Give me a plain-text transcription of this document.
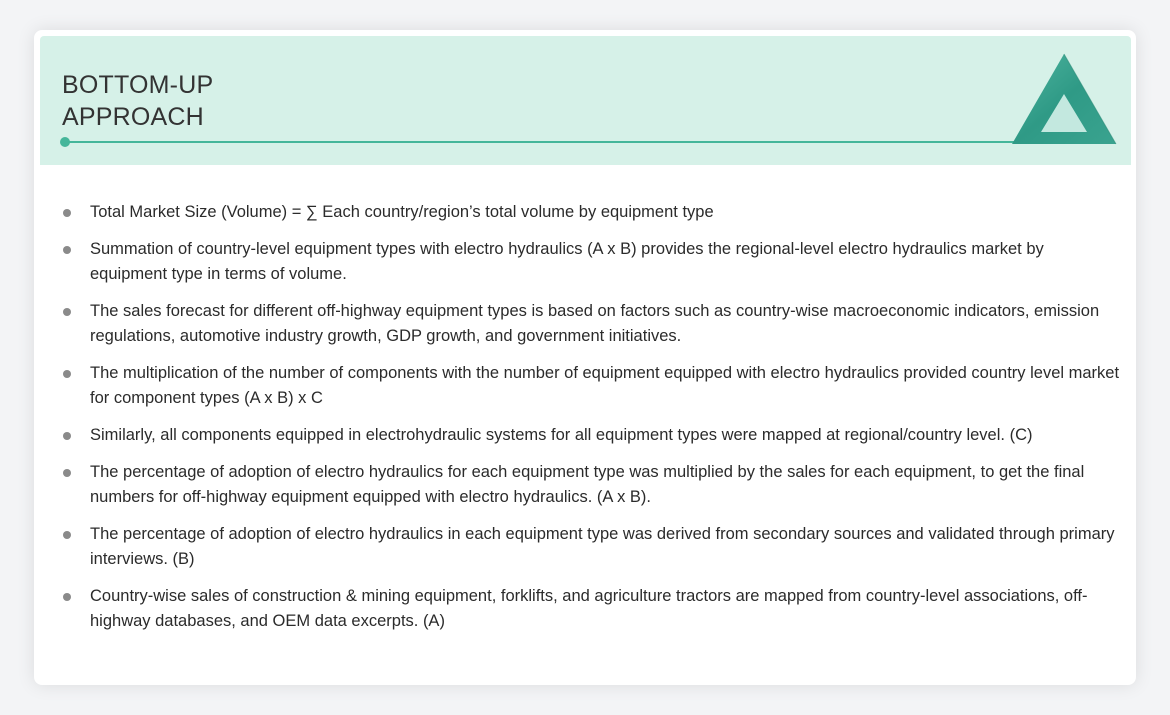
BOTTOM-UP
APPROACH
Total Market Size (Volume) = ∑ Each country/region’s total volume by equipment type
Summation of country-level equipment types with electro hydraulics (A x B) provides the regional-level electro hydraulics market by equipment type in terms of volume.
The sales forecast for different off-highway equipment types is based on factors such as country-wise macroeconomic indicators, emission regulations, automotive industry growth, GDP growth, and government initiatives.
The multiplication of the number of components with the number of equipment equipped with electro hydraulics provided country level market for component types (A x B) x C
Similarly, all components equipped in electrohydraulic systems for all equipment types were mapped at regional/country level. (C)
The percentage of adoption of electro hydraulics for each equipment type was multiplied by the sales for each equipment, to get the final numbers for off-highway equipment equipped with electro hydraulics. (A x B).
The percentage of adoption of electro hydraulics in each equipment type was derived from secondary sources and validated through primary interviews. (B)
Country-wise sales of construction & mining equipment, forklifts, and agriculture tractors are mapped from country-level associations, off-highway databases, and OEM data excerpts. (A)
